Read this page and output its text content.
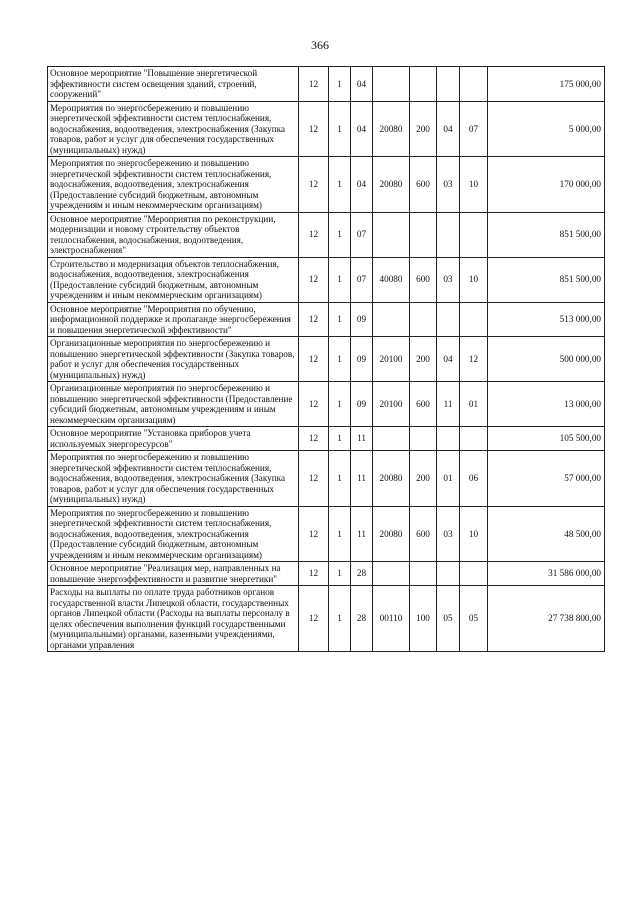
366
Основное мероприятие "Повышение энергетической эффективности систем освещения зданий, строений, сооружений"	12	1	04					175 000,00
Мероприятия по энергосбережению и повышению энергетической эффективности систем теплоснабжения, водоснабжения, водоотведения, электроснабжения (Закупка товаров, работ и услуг для обеспечения государственных (муниципальных) нужд)	12	1	04	20080	200	04	07	5 000,00
Мероприятия по энергосбережению и повышению энергетической эффективности систем теплоснабжения, водоснабжения, водоотведения, электроснабжения (Предоставление субсидий бюджетным, автономным учреждениям и иным некоммерческим организациям)	12	1	04	20080	600	03	10	170 000,00
Основное мероприятие "Мероприятия по реконструкции, модернизации и новому строительству объектов теплоснабжения, водоснабжения, водоотведения, электроснабжения"	12	1	07					851 500,00
Строительство и модернизация объектов теплоснабжения, водоснабжения, водоотведения, электроснабжения (Предоставление субсидий бюджетным, автономным учреждениям и иным некоммерческим организациям)	12	1	07	40080	600	03	10	851 500,00
Основное мероприятие "Мероприятия по обучению, информационной поддержке и пропаганде энергосбережения и повышения энергетической эффективности"	12	1	09					513 000,00
Организационные мероприятия по энергосбережению и повышению энергетической эффективности (Закупка товаров, работ и услуг для обеспечения государственных (муниципальных) нужд)	12	1	09	20100	200	04	12	500 000,00
Организационные мероприятия по энергосбережению и повышению энергетической эффективности (Предоставление субсидий бюджетным, автономным учреждениям и иным некоммерческим организациям)	12	1	09	20100	600	11	01	13 000,00
Основное мероприятие "Установка приборов учета используемых энергоресурсов"	12	1	11					105 500,00
Мероприятия по энергосбережению и повышению энергетической эффективности систем теплоснабжения, водоснабжения, водоотведения, электроснабжения (Закупка товаров, работ и услуг для обеспечения государственных (муниципальных) нужд)	12	1	11	20080	200	01	06	57 000,00
Мероприятия по энергосбережению и повышению энергетической эффективности систем теплоснабжения, водоснабжения, водоотведения, электроснабжения (Предоставление субсидий бюджетным, автономным учреждениям и иным некоммерческим организациям)	12	1	11	20080	600	03	10	48 500,00
Основное мероприятие "Реализация мер, направленных на повышение энергоэффективности и развитие энергетики"	12	1	28					31 586 000,00
Расходы на выплаты по оплате труда работников органов государственной власти Липецкой области, государственных органов Липецкой области (Расходы на выплаты персоналу в целях обеспечения выполнения функций государственными (муниципальными) органами, казенными учреждениями, органами управления	12	1	28	00110	100	05	05	27 738 800,00
